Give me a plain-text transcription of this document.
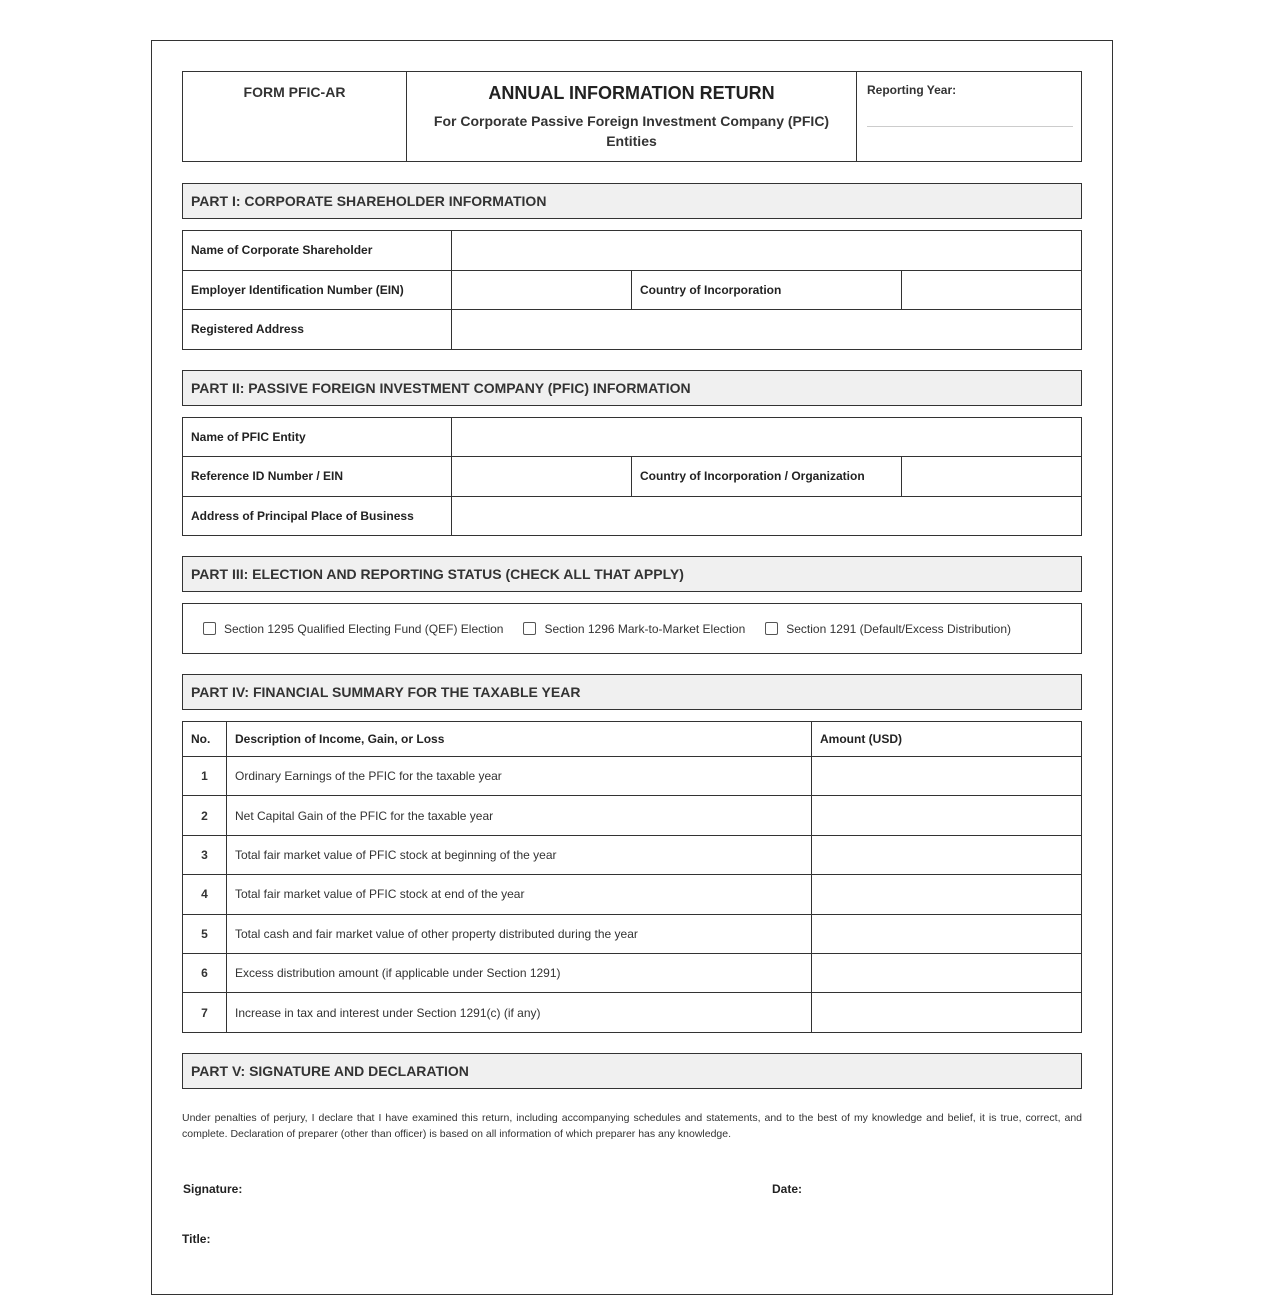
FORM PFIC-AR	ANNUAL INFORMATION RETURN
For Corporate Passive Foreign Investment Company (PFIC) Entities
Reporting Year:
PART I: CORPORATE SHAREHOLDER INFORMATION
Name of Corporate Shareholder
Employer Identification Number (EIN)	Country of Incorporation
Registered Address
PART II: PASSIVE FOREIGN INVESTMENT COMPANY (PFIC) INFORMATION
Name of PFIC Entity
Reference ID Number / EIN	Country of Incorporation / Organization
Address of Principal Place of Business
PART III: ELECTION AND REPORTING STATUS (CHECK ALL THAT APPLY)
Section 1295 Qualified Electing Fund (QEF) Election	Section 1296 Mark-to-Market Election	Section 1291 (Default/Excess Distribution)
PART IV: FINANCIAL SUMMARY FOR THE TAXABLE YEAR
No.	Description of Income, Gain, or Loss	Amount (USD)
1	Ordinary Earnings of the PFIC for the taxable year	
2	Net Capital Gain of the PFIC for the taxable year	
3	Total fair market value of PFIC stock at beginning of the year	
4	Total fair market value of PFIC stock at end of the year	
5	Total cash and fair market value of other property distributed during the year	
6	Excess distribution amount (if applicable under Section 1291)	
7	Increase in tax and interest under Section 1291(c) (if any)	
PART V: SIGNATURE AND DECLARATION

Under penalties of perjury, I declare that I have examined this return, including accompanying schedules and statements, and to the best of my knowledge and belief, it is true, correct, and complete. Declaration of preparer (other than officer) is based on all information of which preparer has any knowledge.

Signature:	Date:
Title:
